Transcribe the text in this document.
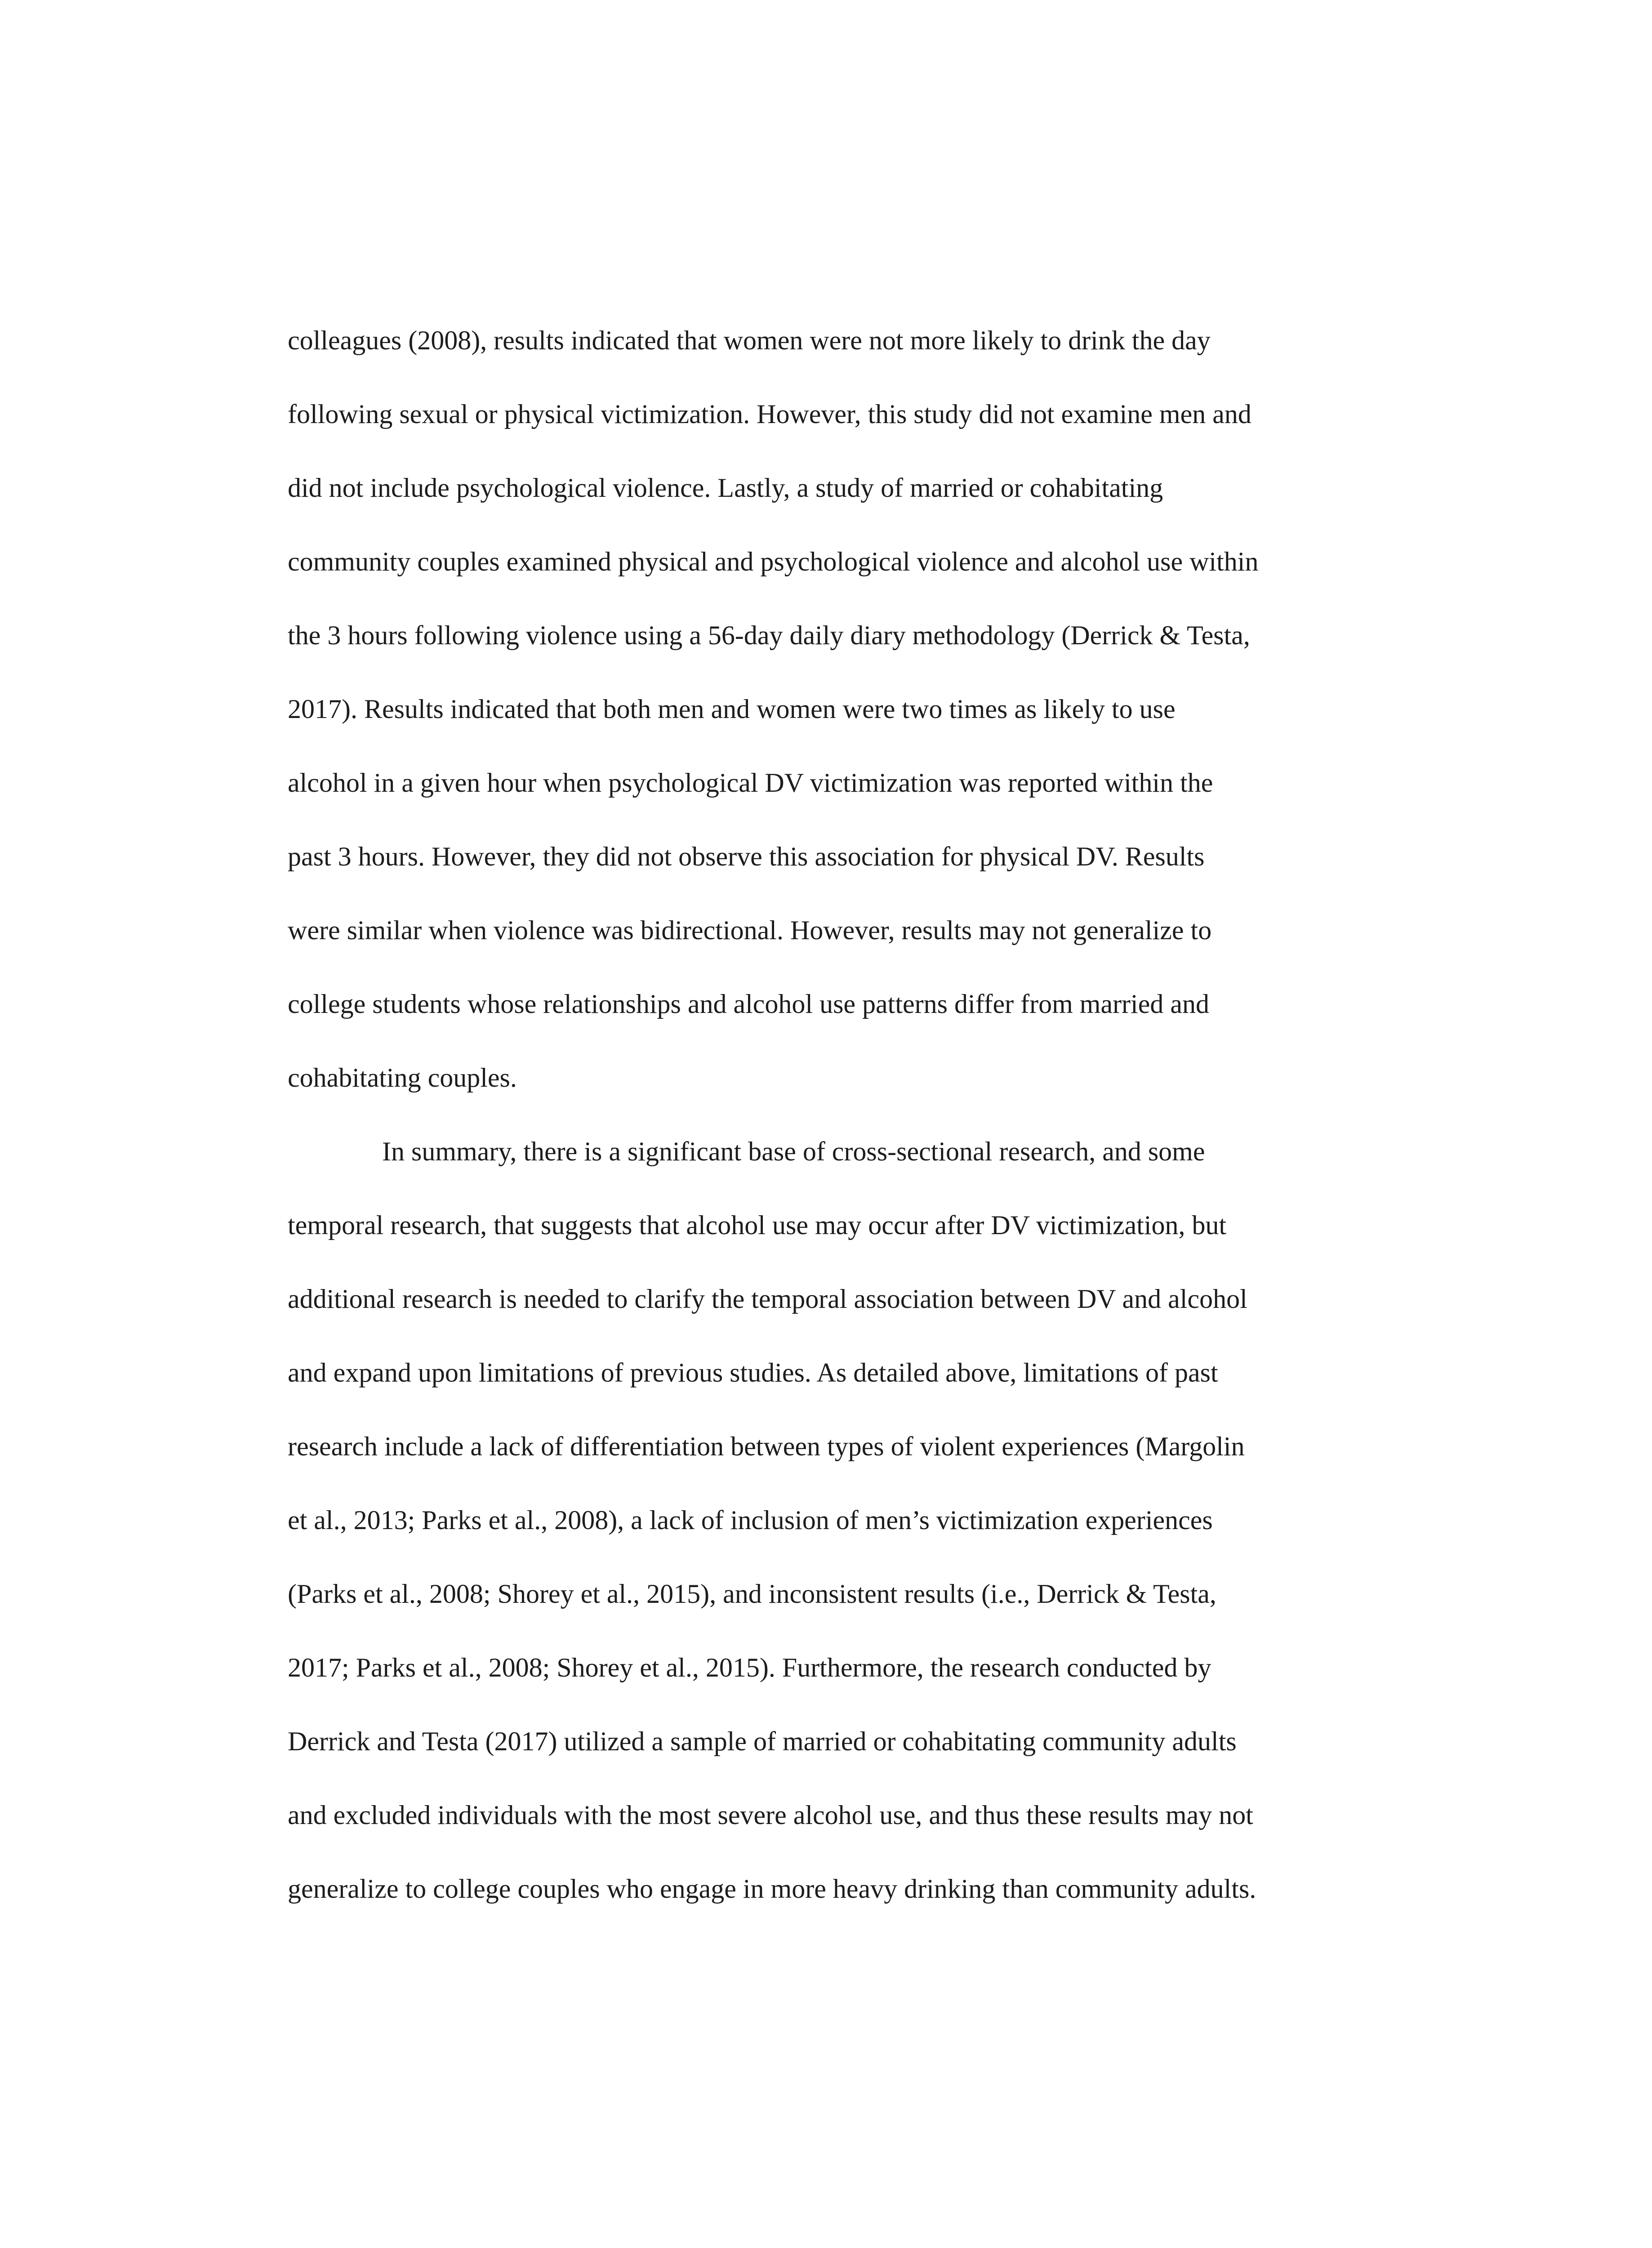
colleagues (2008), results indicated that women were not more likely to drink the day
following sexual or physical victimization. However, this study did not examine men and
did not include psychological violence. Lastly, a study of married or cohabitating
community couples examined physical and psychological violence and alcohol use within
the 3 hours following violence using a 56-day daily diary methodology (Derrick & Testa,
2017). Results indicated that both men and women were two times as likely to use
alcohol in a given hour when psychological DV victimization was reported within the
past 3 hours. However, they did not observe this association for physical DV. Results
were similar when violence was bidirectional. However, results may not generalize to
college students whose relationships and alcohol use patterns differ from married and
cohabitating couples.
In summary, there is a significant base of cross-sectional research, and some
temporal research, that suggests that alcohol use may occur after DV victimization, but
additional research is needed to clarify the temporal association between DV and alcohol
and expand upon limitations of previous studies. As detailed above, limitations of past
research include a lack of differentiation between types of violent experiences (Margolin
et al., 2013; Parks et al., 2008), a lack of inclusion of men’s victimization experiences
(Parks et al., 2008; Shorey et al., 2015), and inconsistent results (i.e., Derrick & Testa,
2017; Parks et al., 2008; Shorey et al., 2015). Furthermore, the research conducted by
Derrick and Testa (2017) utilized a sample of married or cohabitating community adults
and excluded individuals with the most severe alcohol use, and thus these results may not
generalize to college couples who engage in more heavy drinking than community adults.
